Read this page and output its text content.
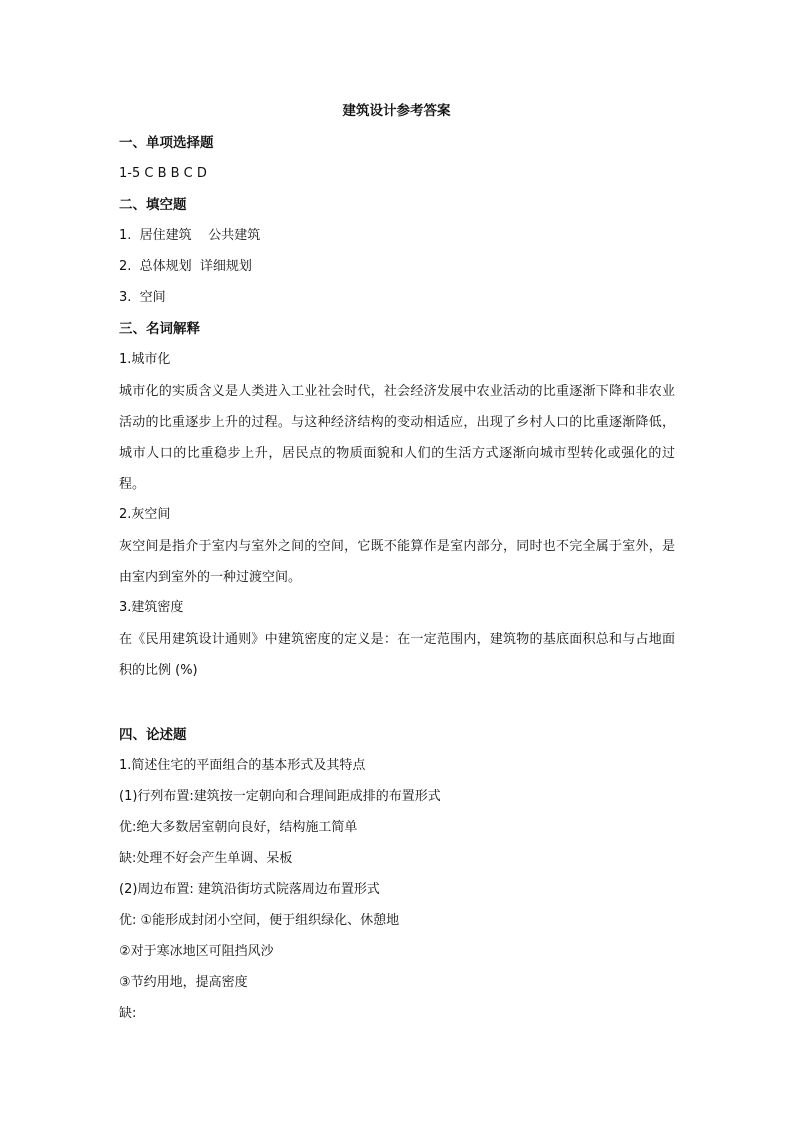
建筑设计参考答案

一、单项选择题

1-5 C B B C D

二、填空题

1.  居住建筑    公共建筑

2.  总体规划  详细规划

3.  空间

三、名词解释

1.城市化

城市化的实质含义是人类进入工业社会时代，社会经济发展中农业活动的比重逐渐下降和非农业活动的比重逐步上升的过程。与这种经济结构的变动相适应，出现了乡村人口的比重逐渐降低，城市人口的比重稳步上升，居民点的物质面貌和人们的生活方式逐渐向城市型转化或强化的过程。

2.灰空间

灰空间是指介于室内与室外之间的空间，它既不能算作是室内部分，同时也不完全属于室外，是由室内到室外的一种过渡空间。

3.建筑密度

在《民用建筑设计通则》中建筑密度的定义是：在一定范围内，建筑物的基底面积总和与占地面积的比例 (%)

四、论述题

1.简述住宅的平面组合的基本形式及其特点

(1)行列布置:建筑按一定朝向和合理间距成排的布置形式

优:绝大多数居室朝向良好，结构施工简单

缺:处理不好会产生单调、呆板

(2)周边布置: 建筑沿街坊式院落周边布置形式

优: ①能形成封闭小空间，便于组织绿化、休憩地

②对于寒冰地区可阻挡风沙

③节约用地，提高密度

缺:
